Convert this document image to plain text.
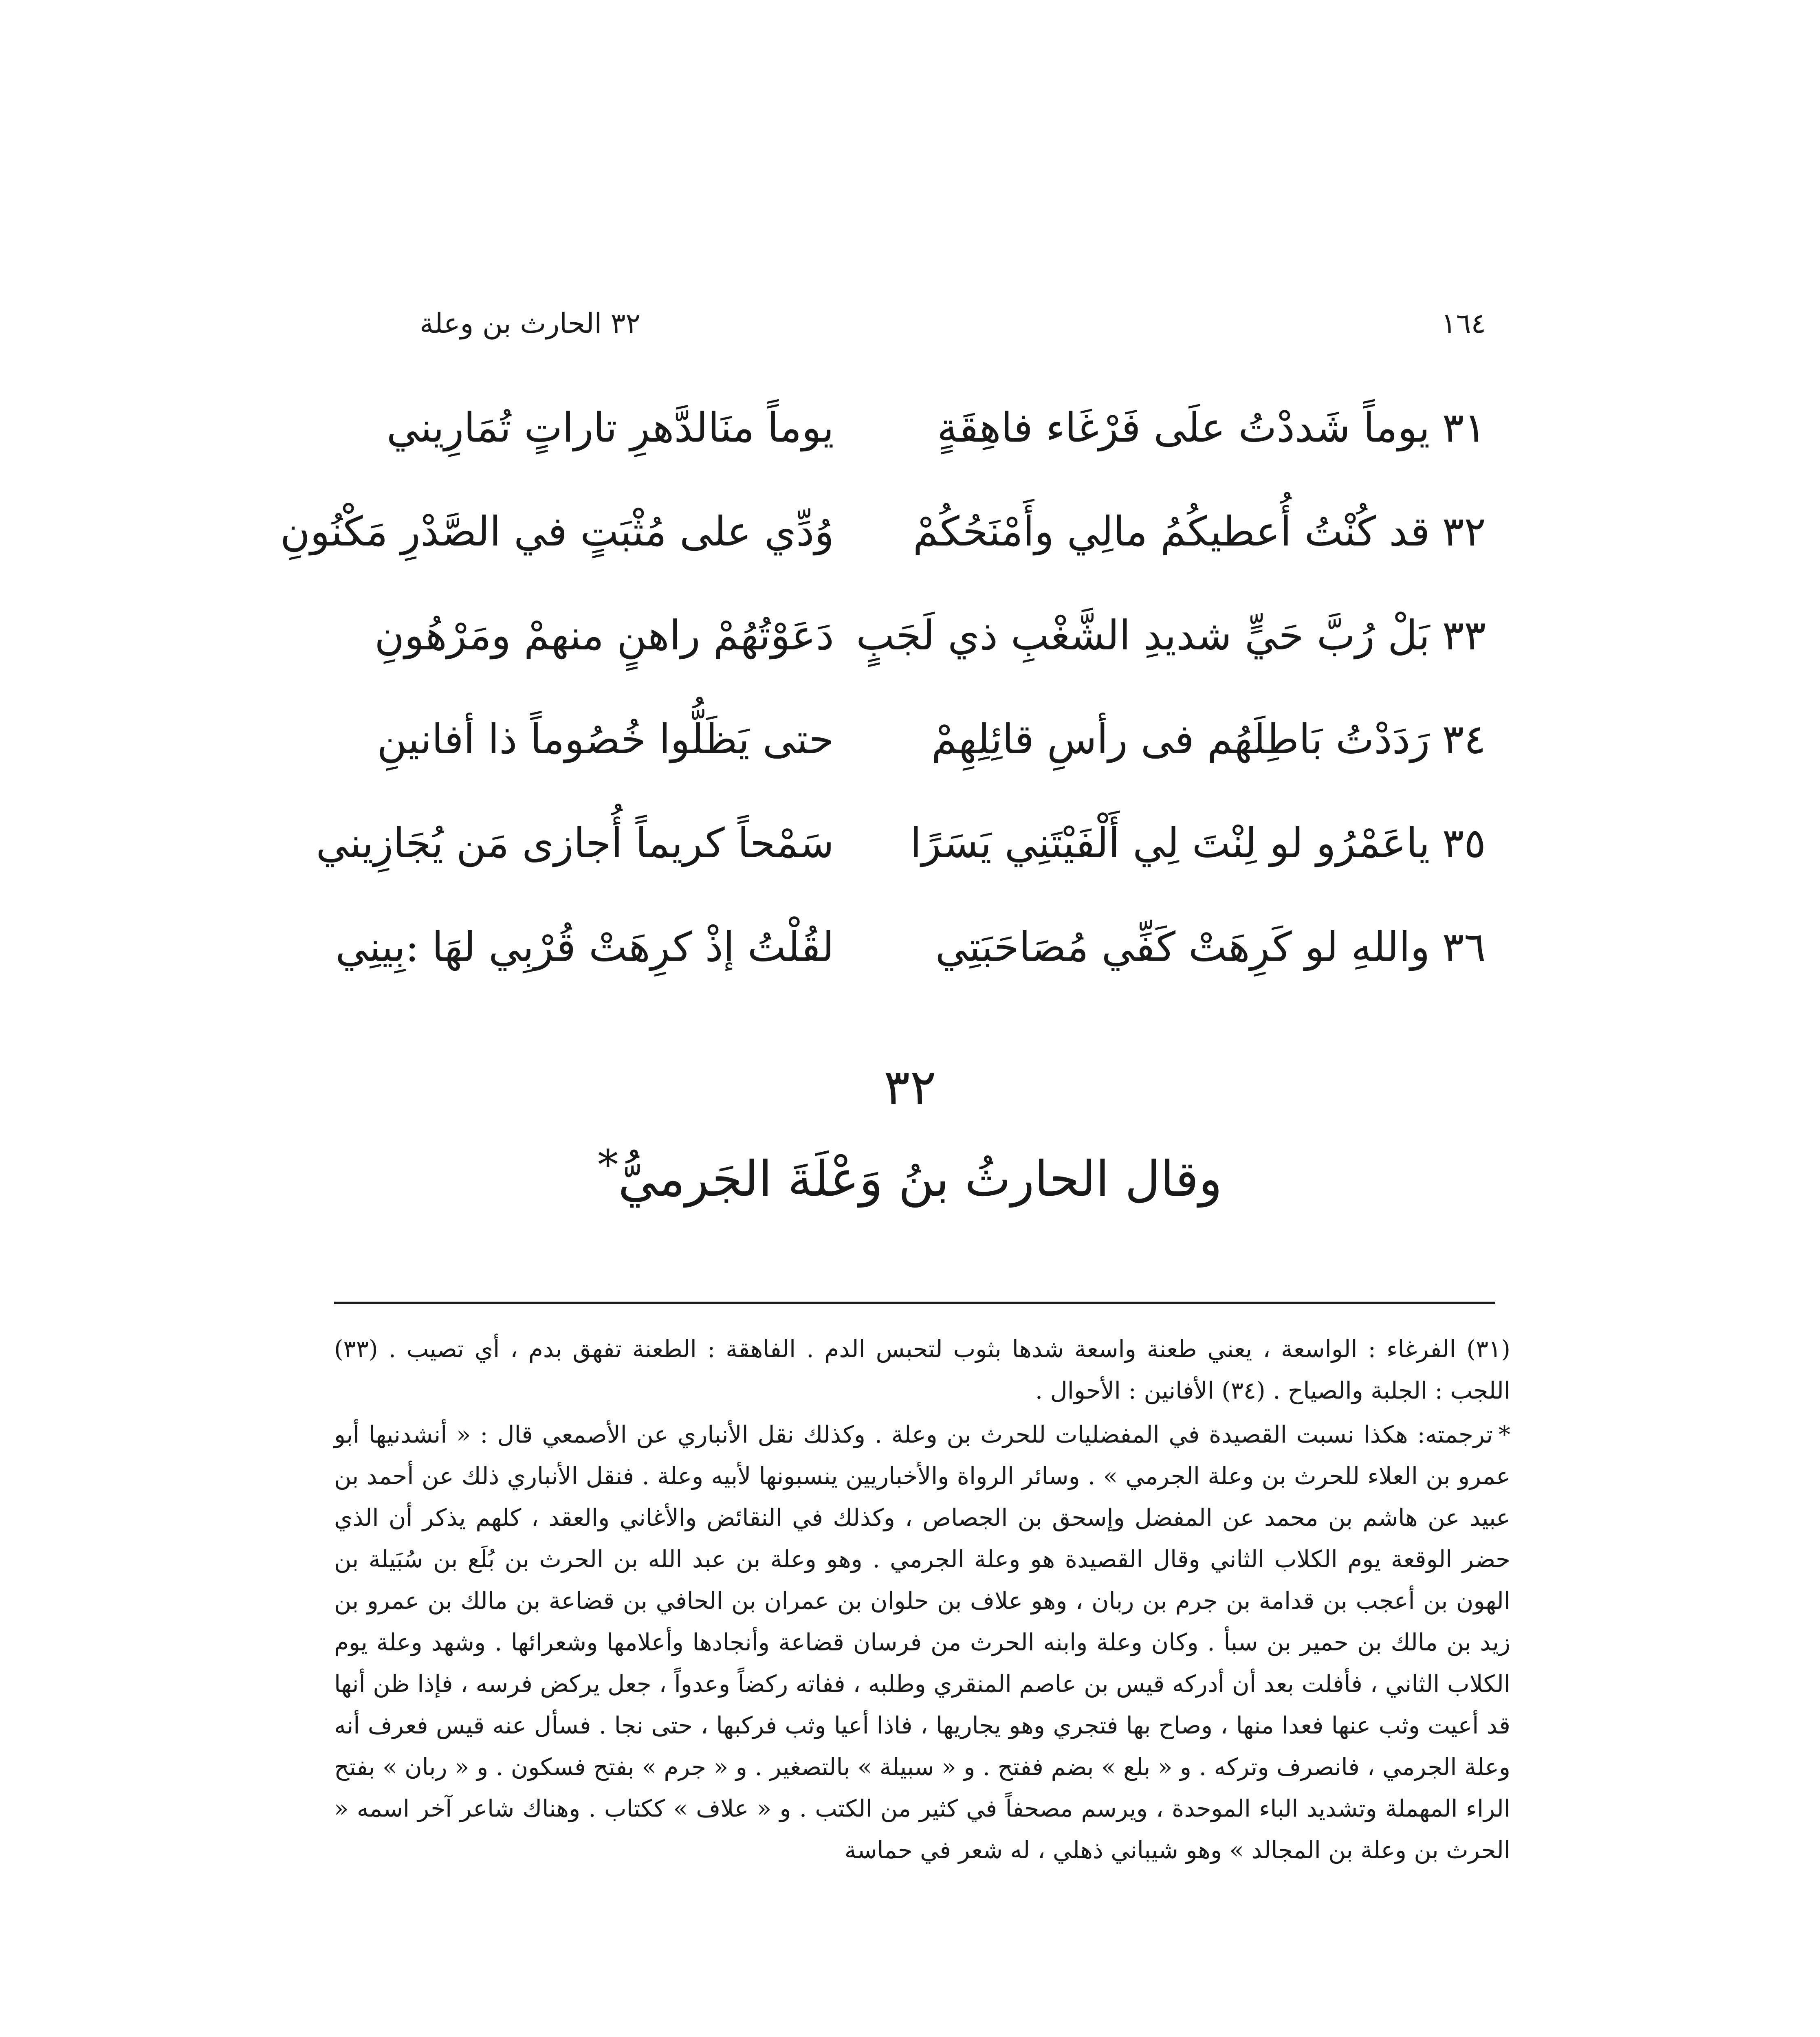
١٦٤
٣٢ الحارث بن وعلة
٣١يوماً شَددْتُ علَى فَرْغَاء فاهِقَةٍ
يوماً منَالدَّهرِ تاراتٍ تُمَارِيني
٣٢قد كُنْتُ أُعطيكُمُ مالِي وأَمْنَحُكُمْ
وُدِّي على مُثْبَتٍ في الصَّدْرِ مَكْنُونِ
٣٣بَلْ رُبَّ حَيٍّ شديدِ الشَّغْبِ ذي لَجَبٍ
دَعَوْتُهُمْ راهنٍ منهمْ ومَرْهُونِ
٣٤رَدَدْتُ بَاطِلَهُم فى رأسِ قائِلِهِمْ
حتى يَظَلُّوا خُصُوماً ذا أفانينِ
٣٥ياعَمْرُو لو لِنْتَ لِي أَلْفَيْتَنِي يَسَرًا
سَمْحاً كريماً أُجازى مَن يُجَازِيني
٣٦واللهِ لو كَرِهَتْ كَفِّي مُصَاحَبَتِي
لقُلْتُ إذْ كرِهَتْ قُرْبِي لهَا :بِينِي
٣٢
وقال الحارثُ بنُ وَعْلَةَ الجَرميُّ*

(٣١) الفرغاء : الواسعة ، يعني طعنة واسعة شدها بثوب لتحبس الدم . الفاهقة : الطعنة تفهق بدم ، أي تصيب . (٣٣) اللجب : الجلبة والصياح . (٣٤) الأفانين : الأحوال .

*ترجمته: هكذا نسبت القصيدة في المفضليات للحرث بن وعلة . وكذلك نقل الأنباري عن الأصمعي قال : « أنشدنيها أبو عمرو بن العلاء للحرث بن وعلة الجرمي » . وسائر الرواة والأخباريين ينسبونها لأبيه وعلة . فنقل الأنباري ذلك عن أحمد بن عبيد عن هاشم بن محمد عن المفضل وإسحق بن الجصاص ، وكذلك في النقائض والأغاني والعقد ، كلهم يذكر أن الذي حضر الوقعة يوم الكلاب الثاني وقال القصيدة هو وعلة الجرمي . وهو وعلة بن عبد الله بن الحرث بن بُلَع بن سُبَيلة بن الهون بن أعجب بن قدامة بن جرم بن ربان ، وهو علاف بن حلوان بن عمران بن الحافي بن قضاعة بن مالك بن عمرو بن زيد بن مالك بن حمير بن سبأ . وكان وعلة وابنه الحرث من فرسان قضاعة وأنجادها وأعلامها وشعرائها . وشهد وعلة يوم الكلاب الثاني ، فأفلت بعد أن أدركه قيس بن عاصم المنقري وطلبه ، ففاته ركضاً وعدواً ، جعل يركض فرسه ، فإذا ظن أنها قد أعيت وثب عنها فعدا منها ، وصاح بها فتجري وهو يجاريها ، فاذا أعيا وثب فركبها ، حتى نجا . فسأل عنه قيس فعرف أنه وعلة الجرمي ، فانصرف وتركه . و « بلع » بضم ففتح . و « سبيلة » بالتصغير . و « جرم » بفتح فسكون . و « ربان » بفتح الراء المهملة وتشديد الباء الموحدة ، ويرسم مصحفاً في كثير من الكتب . و « علاف » ككتاب . وهناك شاعر آخر اسمه « الحرث بن وعلة بن المجالد » وهو شيباني ذهلي ، له شعر في حماسة
